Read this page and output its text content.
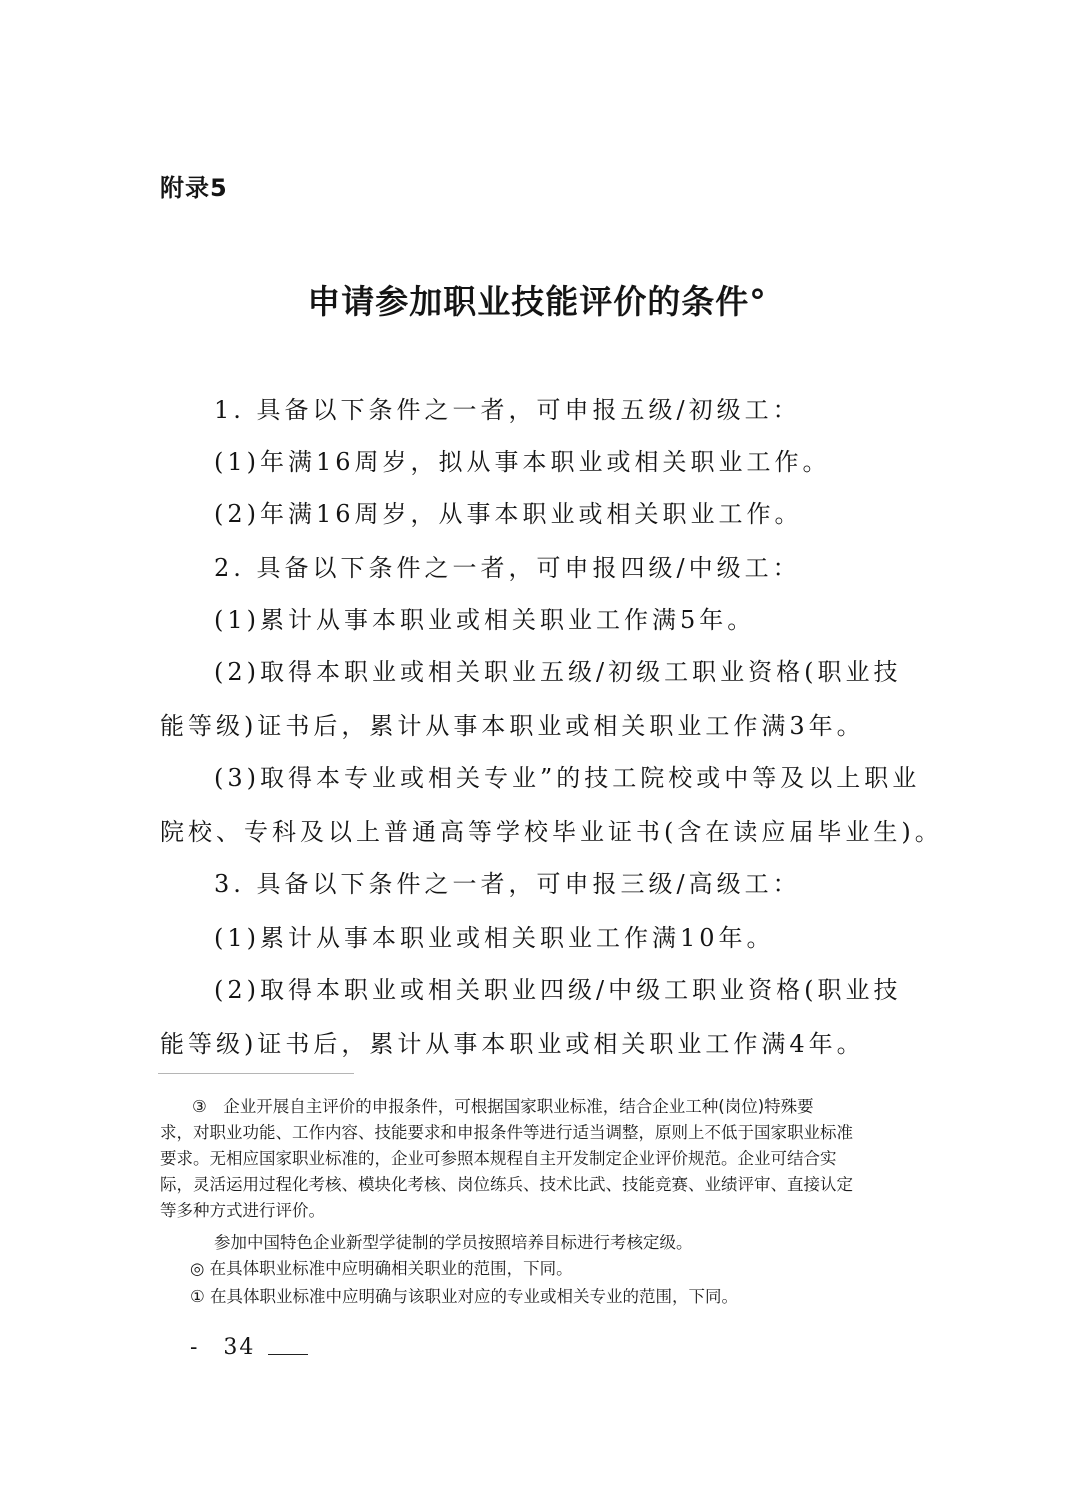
附录5
申请参加职业技能评价的条件°
1. 具备以下条件之一者，可申报五级/初级工：
(1)年满16周岁，拟从事本职业或相关职业工作。
(2)年满16周岁，从事本职业或相关职业工作。
2. 具备以下条件之一者，可申报四级/中级工：
(1)累计从事本职业或相关职业工作满5年。
(2)取得本职业或相关职业五级/初级工职业资格(职业技
能等级)证书后，累计从事本职业或相关职业工作满3年。
(3)取得本专业或相关专业”的技工院校或中等及以上职业
院校、专科及以上普通高等学校毕业证书(含在读应届毕业生)。
3. 具备以下条件之一者，可申报三级/高级工：
(1)累计从事本职业或相关职业工作满10年。
(2)取得本职业或相关职业四级/中级工职业资格(职业技
能等级)证书后，累计从事本职业或相关职业工作满4年。
③　企业开展自主评价的申报条件，可根据国家职业标准，结合企业工种(岗位)特殊要
求，对职业功能、工作内容、技能要求和申报条件等进行适当调整，原则上不低于国家职业标准
要求。无相应国家职业标准的，企业可参照本规程自主开发制定企业评价规范。企业可结合实
际，灵活运用过程化考核、模块化考核、岗位练兵、技术比武、技能竞赛、业绩评审、直接认定
等多种方式进行评价。
参加中国特色企业新型学徒制的学员按照培养目标进行考核定级。
◎ 在具体职业标准中应明确相关职业的范围，下同。
① 在具体职业标准中应明确与该职业对应的专业或相关专业的范围，下同。
-　34
